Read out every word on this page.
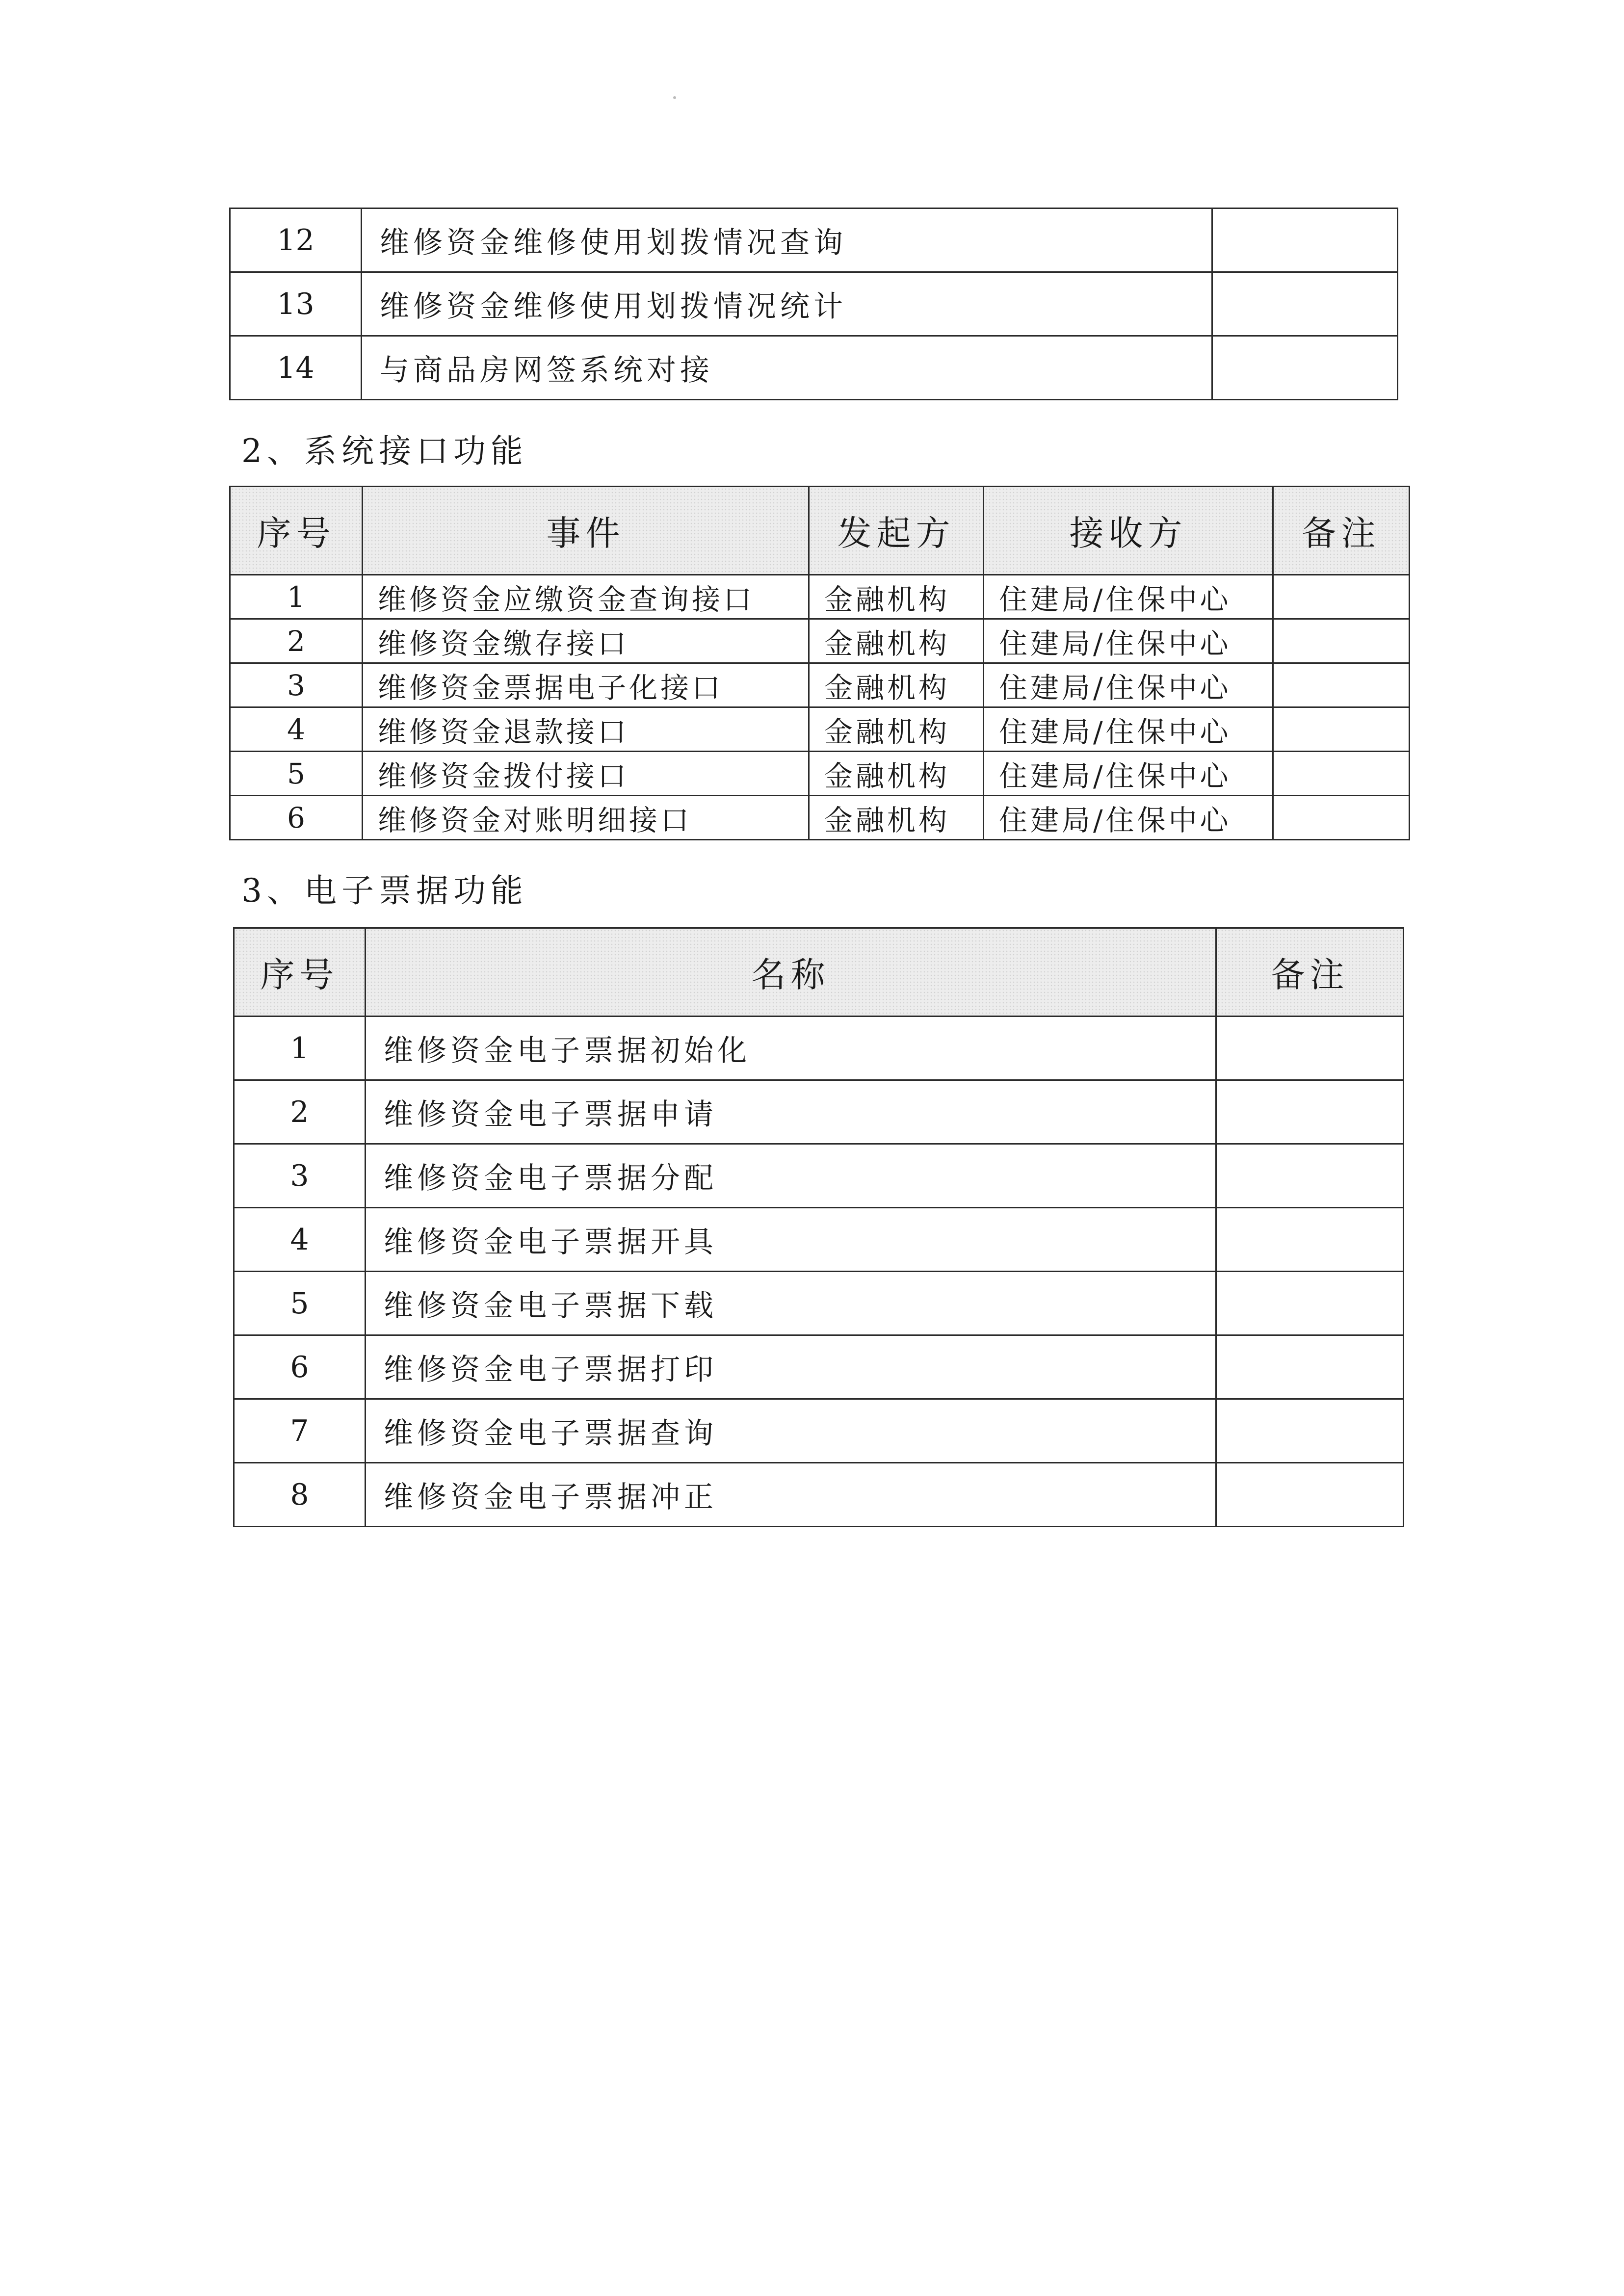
12	维修资金维修使用划拨情况查询	
13	维修资金维修使用划拨情况统计	
14	与商品房网签系统对接	
2、系统接口功能
序号	事件	发起方	接收方	备注
1	维修资金应缴资金查询接口	金融机构	住建局/住保中心	
2	维修资金缴存接口	金融机构	住建局/住保中心	
3	维修资金票据电子化接口	金融机构	住建局/住保中心	
4	维修资金退款接口	金融机构	住建局/住保中心	
5	维修资金拨付接口	金融机构	住建局/住保中心	
6	维修资金对账明细接口	金融机构	住建局/住保中心	
3、电子票据功能
序号	名称	备注
1	维修资金电子票据初始化	
2	维修资金电子票据申请	
3	维修资金电子票据分配	
4	维修资金电子票据开具	
5	维修资金电子票据下载	
6	维修资金电子票据打印	
7	维修资金电子票据查询	
8	维修资金电子票据冲正	
